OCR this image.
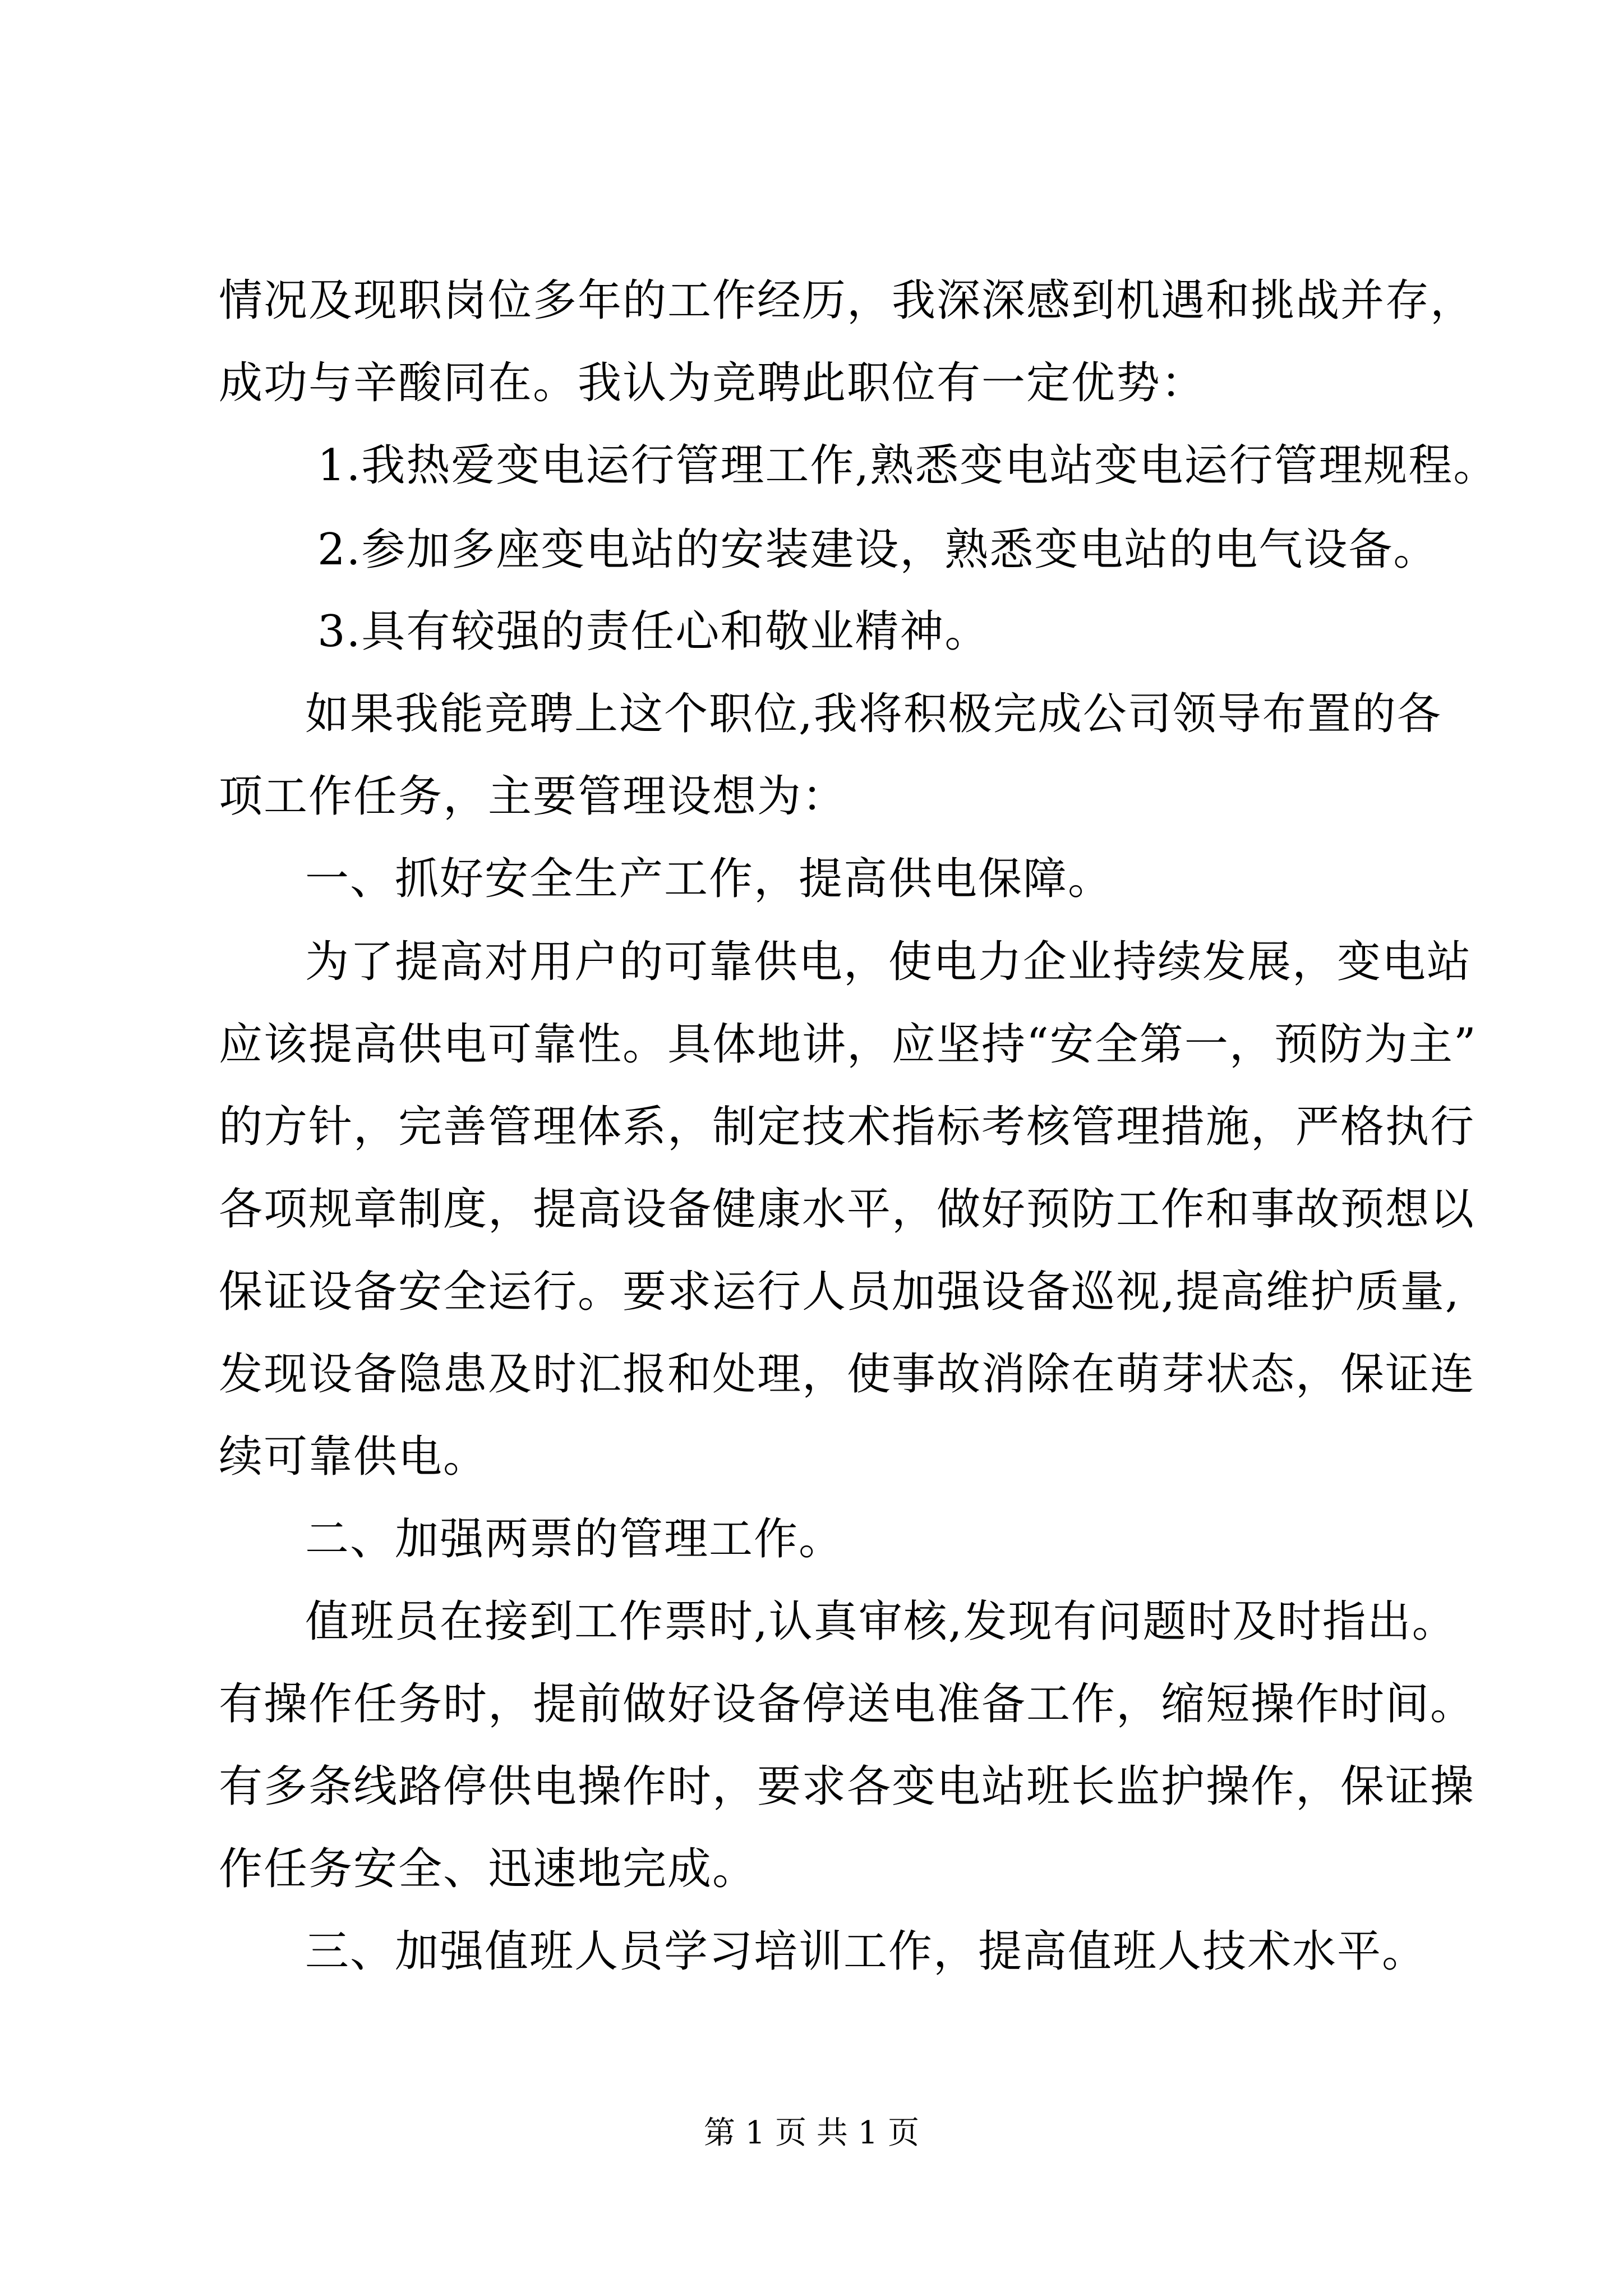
情况及现职岗位多年的工作经历，我深深感到机遇和挑战并存，
成功与辛酸同在。我认为竞聘此职位有一定优势：
1.我热爱变电运行管理工作,熟悉变电站变电运行管理规程。
2.参加多座变电站的安装建设，熟悉变电站的电气设备。
3.具有较强的责任心和敬业精神。
如果我能竞聘上这个职位,我将积极完成公司领导布置的各
项工作任务，主要管理设想为：
一、抓好安全生产工作，提高供电保障。
为了提高对用户的可靠供电，使电力企业持续发展，变电站
应该提高供电可靠性。具体地讲，应坚持“安全第一，预防为主”
的方针，完善管理体系，制定技术指标考核管理措施，严格执行
各项规章制度，提高设备健康水平，做好预防工作和事故预想以
保证设备安全运行。要求运行人员加强设备巡视,提高维护质量,
发现设备隐患及时汇报和处理，使事故消除在萌芽状态，保证连
续可靠供电。
二、加强两票的管理工作。
值班员在接到工作票时,认真审核,发现有问题时及时指出。
有操作任务时，提前做好设备停送电准备工作，缩短操作时间。
有多条线路停供电操作时，要求各变电站班长监护操作，保证操
作任务安全、迅速地完成。
三、加强值班人员学习培训工作，提高值班人技术水平。
第 1 页 共 1 页
